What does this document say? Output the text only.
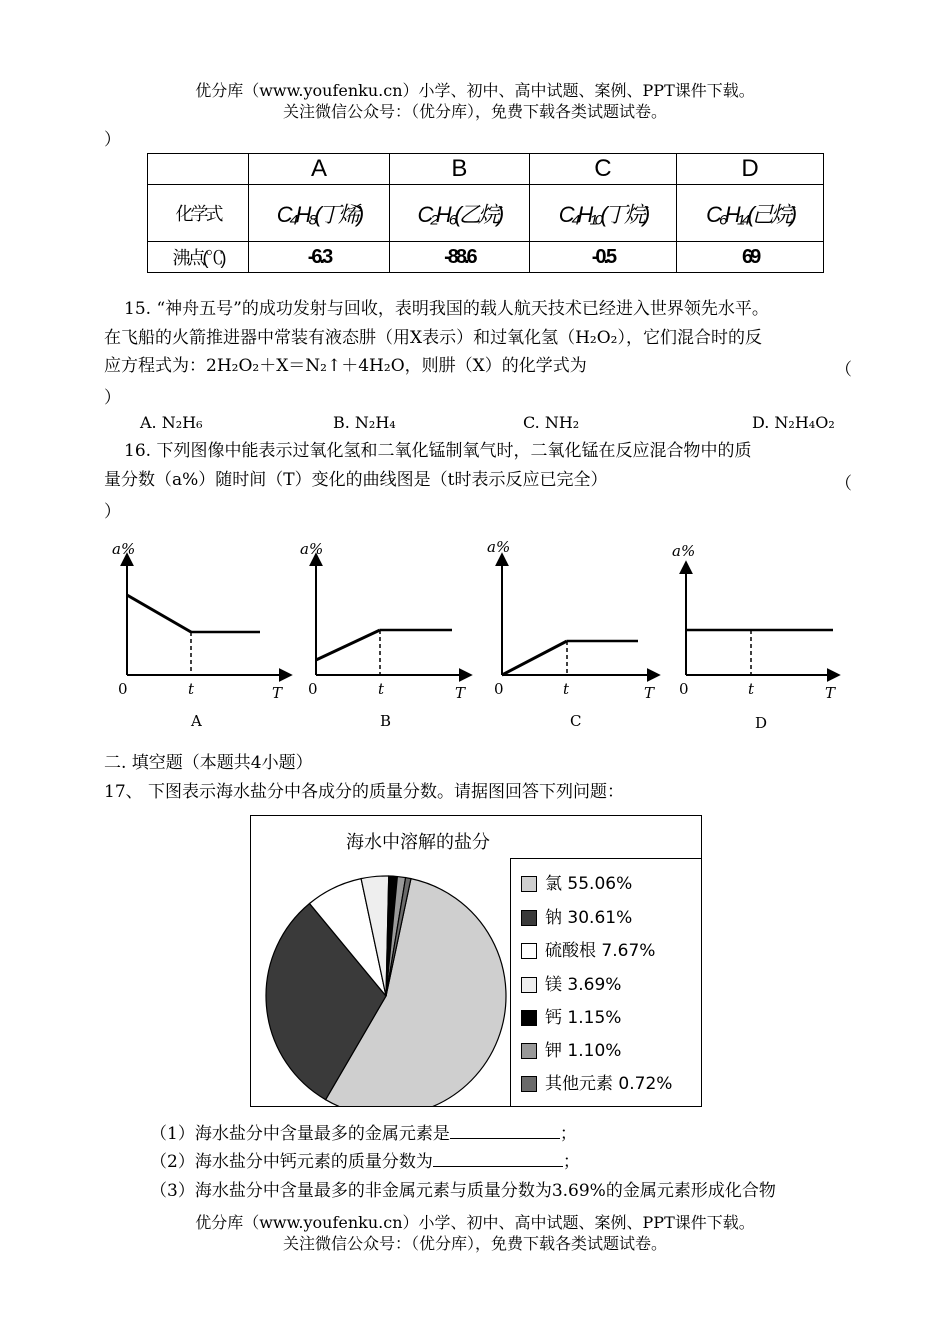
优分库（www.youfenku.cn）小学、初中、高中试题、案例、PPT课件下载。
关注微信公众号：（优分库），免费下载各类试题试卷。
）
	A	B	C	D
化学式	C₄H₈(丁烯)	C₂H₆(乙烷)	C₄H₁₀(丁烷)	C₆H₁₄(己烷)
沸点(℃)	-6.3	-88.6	-0.5	69
15. “神舟五号”的成功发射与回收，表明我国的载人航天技术已经进入世界领先水平。
在飞船的火箭推进器中常装有液态肼（用X表示）和过氧化氢（H₂O₂），它们混合时的反
应方程式为：2H₂O₂＋X＝N₂↑＋4H₂O，则肼（X）的化学式为	（
）
A. N₂H₆	B. N₂H₄	C. NH₂	D. N₂H₄O₂
16. 下列图像中能表示过氧化氢和二氧化锰制氧气时，二氧化锰在反应混合物中的质
量分数（a%）随时间（T）变化的曲线图是（t时表示反应已完全）	（
）
a%
0	t	T
A
a%
0	t	T
B
a%
0	t	T
C
a%
0	t	T
D
二. 填空题（本题共4小题）
17、 下图表示海水盐分中各成分的质量分数。请据图回答下列问题：
海水中溶解的盐分
氯 55.06%
钠 30.61%
硫酸根 7.67%
镁 3.69%
钙 1.15%
钾 1.10%
其他元素 0.72%
（1）海水盐分中含量最多的金属元素是	；
（2）海水盐分中钙元素的质量分数为	；
（3）海水盐分中含量最多的非金属元素与质量分数为3.69%的金属元素形成化合物
优分库（www.youfenku.cn）小学、初中、高中试题、案例、PPT课件下载。
关注微信公众号：（优分库），免费下载各类试题试卷。
